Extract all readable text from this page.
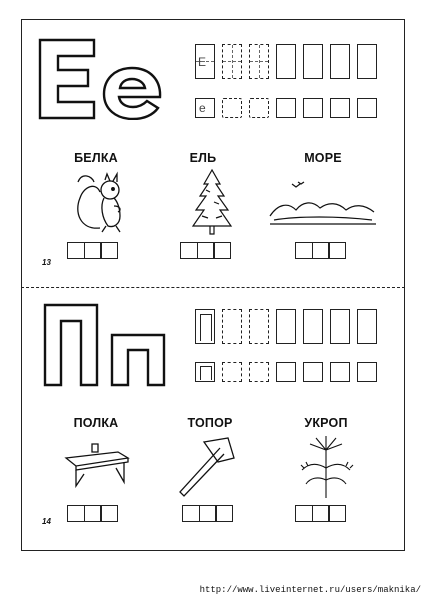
E
e
БЕЛКА	ЕЛЬ	МОРЕ
13
ПОЛКА	ТОПОР	УКРОП
14
http://www.liveinternet.ru/users/maknika/
